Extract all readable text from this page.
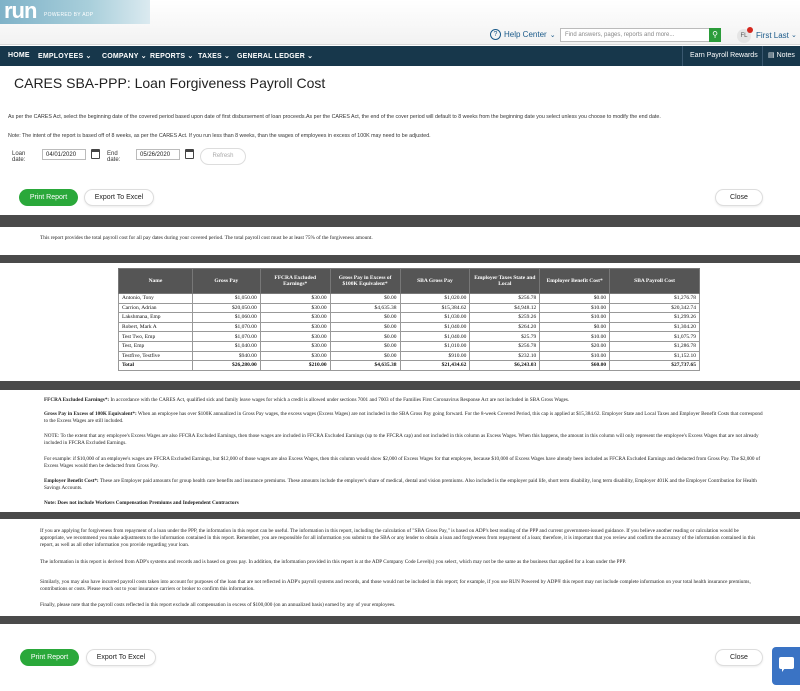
run POWERED BY ADP
? Help Center ⌄	Find answers, pages, reports and more...	⚲	FL	First Last ⌄
HOME EMPLOYEES ⌄ COMPANY ⌄ REPORTS ⌄ TAXES ⌄ GENERAL LEDGER ⌄	Earn Payroll Rewards ▤ Notes
CARES SBA-PPP: Loan Forgiveness Payroll Cost
As per the CARES Act, select the beginning date of the covered period based upon date of first disbursement of loan proceeds.As per the CARES Act, the end of the cover period will default to 8 weeks from the beginning date you select unless you choose to modify the end date.
Note: The intent of the report is based off of 8 weeks, as per the CARES Act. If you run less than 8 weeks, than the wages of employees in excess of 100K may need to be adjusted.
Loan date:
04/01/2020	End date:
05/26/2020	Refresh
Print Report	Export To Excel	Close
This report provides the total payroll cost for all pay dates during your covered period. The total payroll cost must be at least 75% of the forgiveness amount.
Name	Gross Pay	FFCRA Excluded Earnings*	Gross Pay in Excess of $100K Equivalent*	SBA Gross Pay	Employer Taxes State and Local	Employer Benefit Cost*	SBA Payroll Cost
Antonio, Tony	$1,050.00	$30.00	$0.00	$1,020.00	$256.78	$0.00	$1,276.78
Carrion, Adrian	$20,050.00	$30.00	$4,635.38	$15,384.62	$4,948.12	$10.00	$20,342.74
Lakshmana, Emp	$1,060.00	$30.00	$0.00	$1,030.00	$259.26	$10.00	$1,299.26
Robert, Mark A	$1,070.00	$30.00	$0.00	$1,040.00	$264.20	$0.00	$1,304.20
Test Two, Emp	$1,070.00	$30.00	$0.00	$1,040.00	$25.79	$10.00	$1,075.79
Test, Emp	$1,040.00	$30.00	$0.00	$1,010.00	$256.78	$20.00	$1,286.78
Testfive, Testfive	$940.00	$30.00	$0.00	$910.00	$232.10	$10.00	$1,152.10
Total	$26,280.00	$210.00	$4,635.38	$21,434.62	$6,243.03	$60.00	$27,737.65
FFCRA Excluded Earnings*: In accordance with the CARES Act, qualified sick and family leave wages for which a credit is allowed under sections 7001 and 7003 of the Families First Coronavirus Response Act are not included in SBA Gross Wages.
Gross Pay in Excess of 100K Equivalent*: When an employee has over $100K annualized in Gross Pay wages, the excess wages (Excess Wages) are not included in the SBA Gross Pay going forward. For the 8-week Covered Period, this cap is applied at $15,384.62. Employer State and Local Taxes and Employer Benefit Costs that correspond to the Excess Wages are still included.
NOTE: To the extent that any employee's Excess Wages are also FFCRA Excluded Earnings, then those wages are included in FFCRA Excluded Earnings (up to the FFCRA cap) and not included in this column as Excess Wages. When this happens, the amount in this column will only represent the employee's Excess Wages that are not already included in FFCRA Excluded Earnings.
For example: if $10,000 of an employee's wages are FFCRA Excluded Earnings, but $12,000 of those wages are also Excess Wages, then this column would show $2,000 of Excess Wages for that employee, because $10,000 of Excess Wages have already been included as FFCRA Excluded Earnings and deducted from Gross Pay. The $2,000 of Excess Wages would then be deducted from Gross Pay.
Employer Benefit Cost*: These are Employer paid amounts for group health care benefits and insurance premiums. These amounts include the employer's share of medical, dental and vision premiums. Also included is the employer paid life, short term disability, long term disability, Employer 401K and the Employer Contribution for Health Savings Accounts.
Note: Does not include Workers Compensation Premiums and Independent Contractors
If you are applying for forgiveness from repayment of a loan under the PPP, the information in this report can be useful. The information in this report, including the calculation of "SBA Gross Pay," is based on ADP's best reading of the PPP and current government-issued guidance. If you believe another reading or calculation would be appropriate, we recommend you make adjustments to the information contained in this report. Remember, you are responsible for all information you submit to the SBA or any lender to obtain a loan and forgiveness from repayment of a loan; therefore, it is important that you review and confirm the accuracy of the information contained in this report, as well as all other information you provide regarding your loan.
The information in this report is derived from ADP's systems and records and is based on gross pay. In addition, the information provided in this report is at the ADP Company Code Level(s) you select, which may not be the same as the business that applied for a loan under the PPP.
Similarly, you may also have incurred payroll costs taken into account for purposes of the loan that are not reflected in ADP's payroll systems and records, and those would not be included in this report; for example, if you use RUN Powered by ADP® this report may not include complete information on your total health insurance premiums, contributions or costs. Please reach out to your insurance carriers or broker to confirm this information.
Finally, please note that the payroll costs reflected in this report exclude all compensation in excess of $100,000 (on an annualized basis) earned by any of your employees.
Print Report	Export To Excel	Close
